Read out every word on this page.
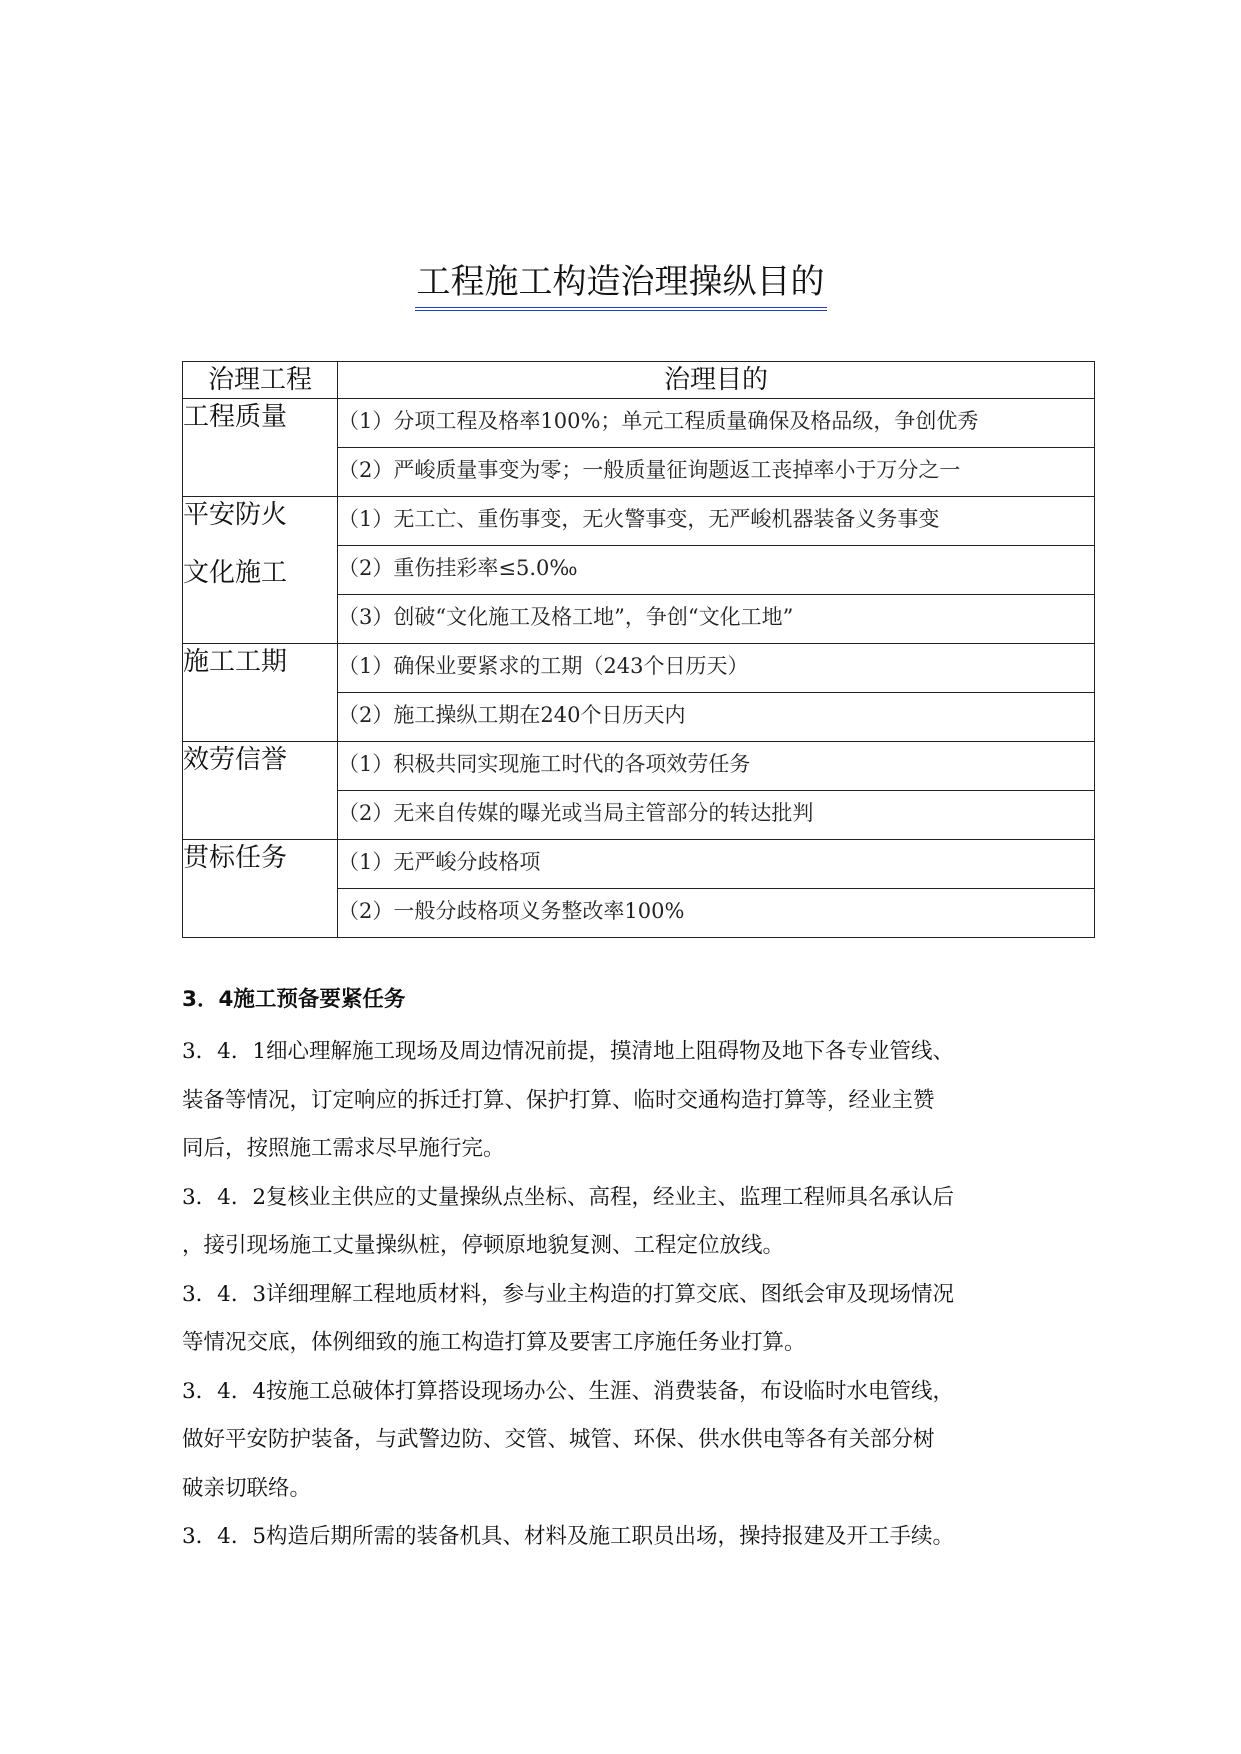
工程施工构造治理操纵目的
治理工程	治理目的
工程质量	（1）分项工程及格率100%；单元工程质量确保及格品级，争创优秀
	（2）严峻质量事变为零；一般质量征询题返工丧掉率小于万分之一
平安防火
文化施工	（1）无工亡、重伤事变，无火警事变，无严峻机器装备义务事变
	（2）重伤挂彩率≤5.0‰
	（3）创破“文化施工及格工地”，争创“文化工地”
施工工期	（1）确保业要紧求的工期（243个日历天）
	（2）施工操纵工期在240个日历天内
效劳信誉	（1）积极共同实现施工时代的各项效劳任务
	（2）无来自传媒的曝光或当局主管部分的转达批判
贯标任务	（1）无严峻分歧格项
	（2）一般分歧格项义务整改率100%
3．4施工预备要紧任务

3．4．1细心理解施工现场及周边情况前提，摸清地上阻碍物及地下各专业管线、

装备等情况，订定响应的拆迁打算、保护打算、临时交通构造打算等，经业主赞

同后，按照施工需求尽早施行完。

3．4．2复核业主供应的丈量操纵点坐标、高程，经业主、监理工程师具名承认后

，接引现场施工丈量操纵桩，停顿原地貌复测、工程定位放线。

3．4．3详细理解工程地质材料，参与业主构造的打算交底、图纸会审及现场情况

等情况交底，体例细致的施工构造打算及要害工序施任务业打算。

3．4．4按施工总破体打算搭设现场办公、生涯、消费装备，布设临时水电管线，

做好平安防护装备，与武警边防、交管、城管、环保、供水供电等各有关部分树

破亲切联络。

3．4．5构造后期所需的装备机具、材料及施工职员出场，操持报建及开工手续。
